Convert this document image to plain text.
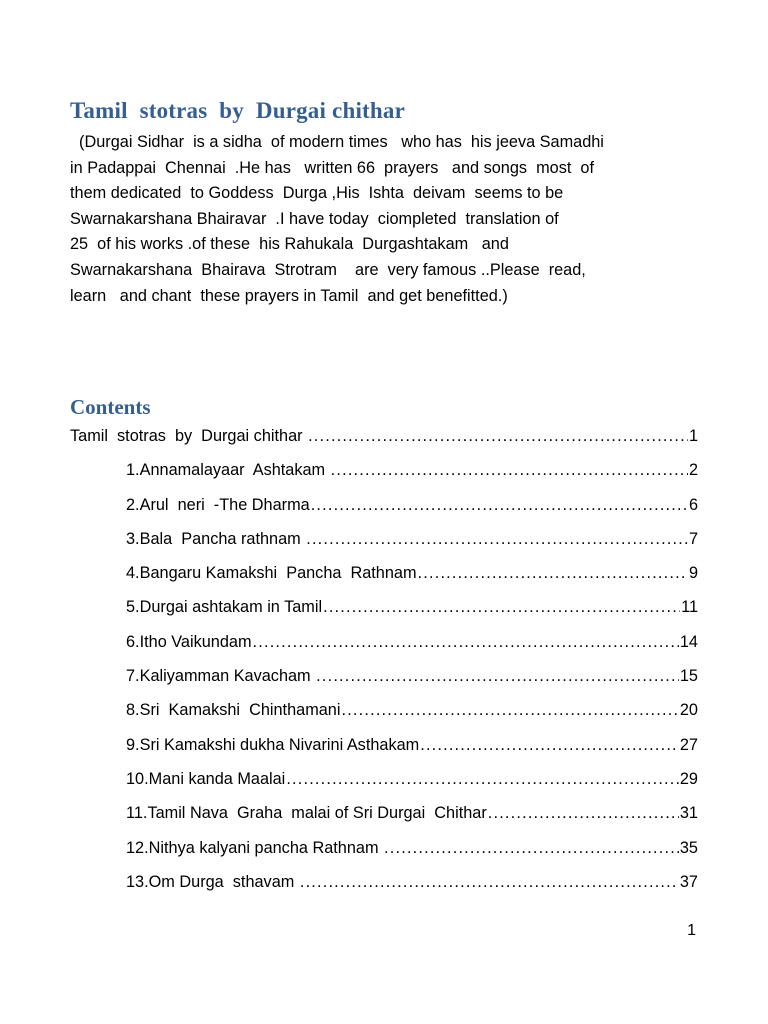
Tamil  stotras  by  Durgai chithar

(Durgai Sidhar  is a sidha  of modern times   who has  his jeeva Samadhi
in Padappai  Chennai  .He has   written 66  prayers   and songs  most  of
them dedicated  to Goddess  Durga ,His  Ishta  deivam  seems to be
Swarnakarshana Bhairavar  .I have today  ciompleted  translation of
25  of his works .of these  his Rahukala  Durgashtakam   and
Swarnakarshana  Bhairava  Strotram    are  very famous ..Please  read,
learn   and chant  these prayers in Tamil  and get benefitted.)

Contents
Tamil  stotras  by  Durgai chithar .....	1
1. Annamalayaar  Ashtakam .....	2
2. Arul  neri  -The Dharma .....	6
3. Bala  Pancha rathnam .....	7
4. Bangaru Kamakshi  Pancha  Rathnam .....	9
5. Durgai ashtakam in Tamil .....	11
6. Itho Vaikundam .....	14
7. Kaliyamman Kavacham .....	15
8. Sri  Kamakshi  Chinthamani .....	20
9. Sri Kamakshi dukha Nivarini Asthakam .....	27
10. Mani kanda Maalai .....	29
11. Tamil Nava  Graha  malai of Sri Durgai  Chithar .....	31
12. Nithya kalyani pancha Rathnam .....	35
13. Om Durga  sthavam .....	37
1
